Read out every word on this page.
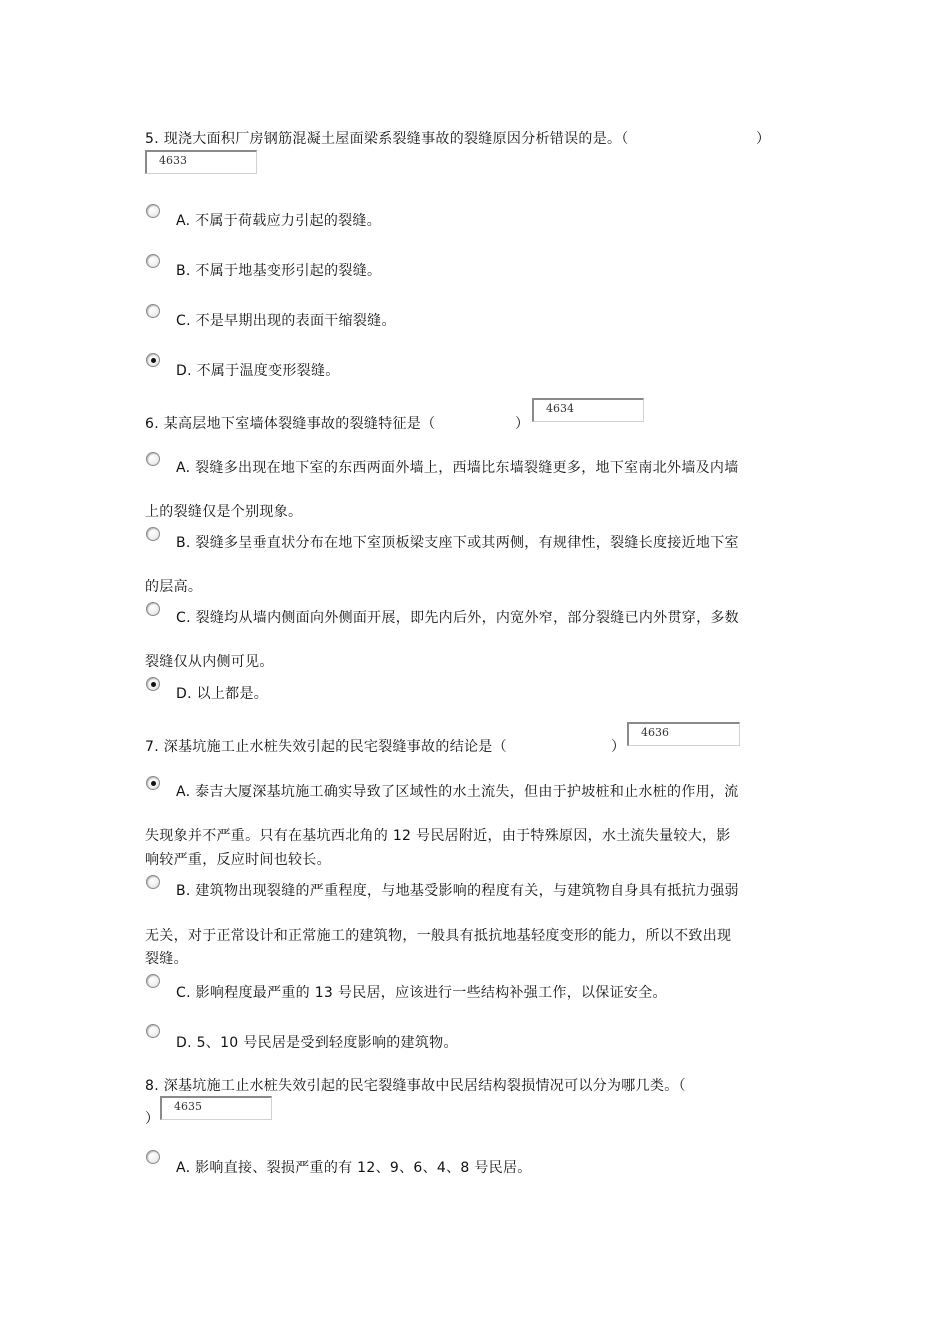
5. 现浇大面积厂房钢筋混凝土屋面梁系裂缝事故的裂缝原因分析错误的是。（	）
4633
A. 不属于荷载应力引起的裂缝。
B. 不属于地基变形引起的裂缝。
C. 不是早期出现的表面干缩裂缝。
D. 不属于温度变形裂缝。
6. 某高层地下室墙体裂缝事故的裂缝特征是（	）
4634
A. 裂缝多出现在地下室的东西两面外墙上，西墙比东墙裂缝更多，地下室南北外墙及内墙
上的裂缝仅是个别现象。
B. 裂缝多呈垂直状分布在地下室顶板梁支座下或其两侧，有规律性，裂缝长度接近地下室
的层高。
C. 裂缝均从墙内侧面向外侧面开展，即先内后外，内宽外窄，部分裂缝已内外贯穿，多数
裂缝仅从内侧可见。
D. 以上都是。
7. 深基坑施工止水桩失效引起的民宅裂缝事故的结论是（	）
4636
A. 泰吉大厦深基坑施工确实导致了区域性的水土流失，但由于护坡桩和止水桩的作用，流
失现象并不严重。只有在基坑西北角的 12 号民居附近，由于特殊原因，水土流失量较大，影
响较严重，反应时间也较长。
B. 建筑物出现裂缝的严重程度，与地基受影响的程度有关，与建筑物自身具有抵抗力强弱
无关，对于正常设计和正常施工的建筑物，一般具有抵抗地基轻度变形的能力，所以不致出现
裂缝。
C. 影响程度最严重的 13 号民居，应该进行一些结构补强工作，以保证安全。
D. 5、10 号民居是受到轻度影响的建筑物。
8. 深基坑施工止水桩失效引起的民宅裂缝事故中民居结构裂损情况可以分为哪几类。（
）
4635
A. 影响直接、裂损严重的有 12、9、6、4、8 号民居。
